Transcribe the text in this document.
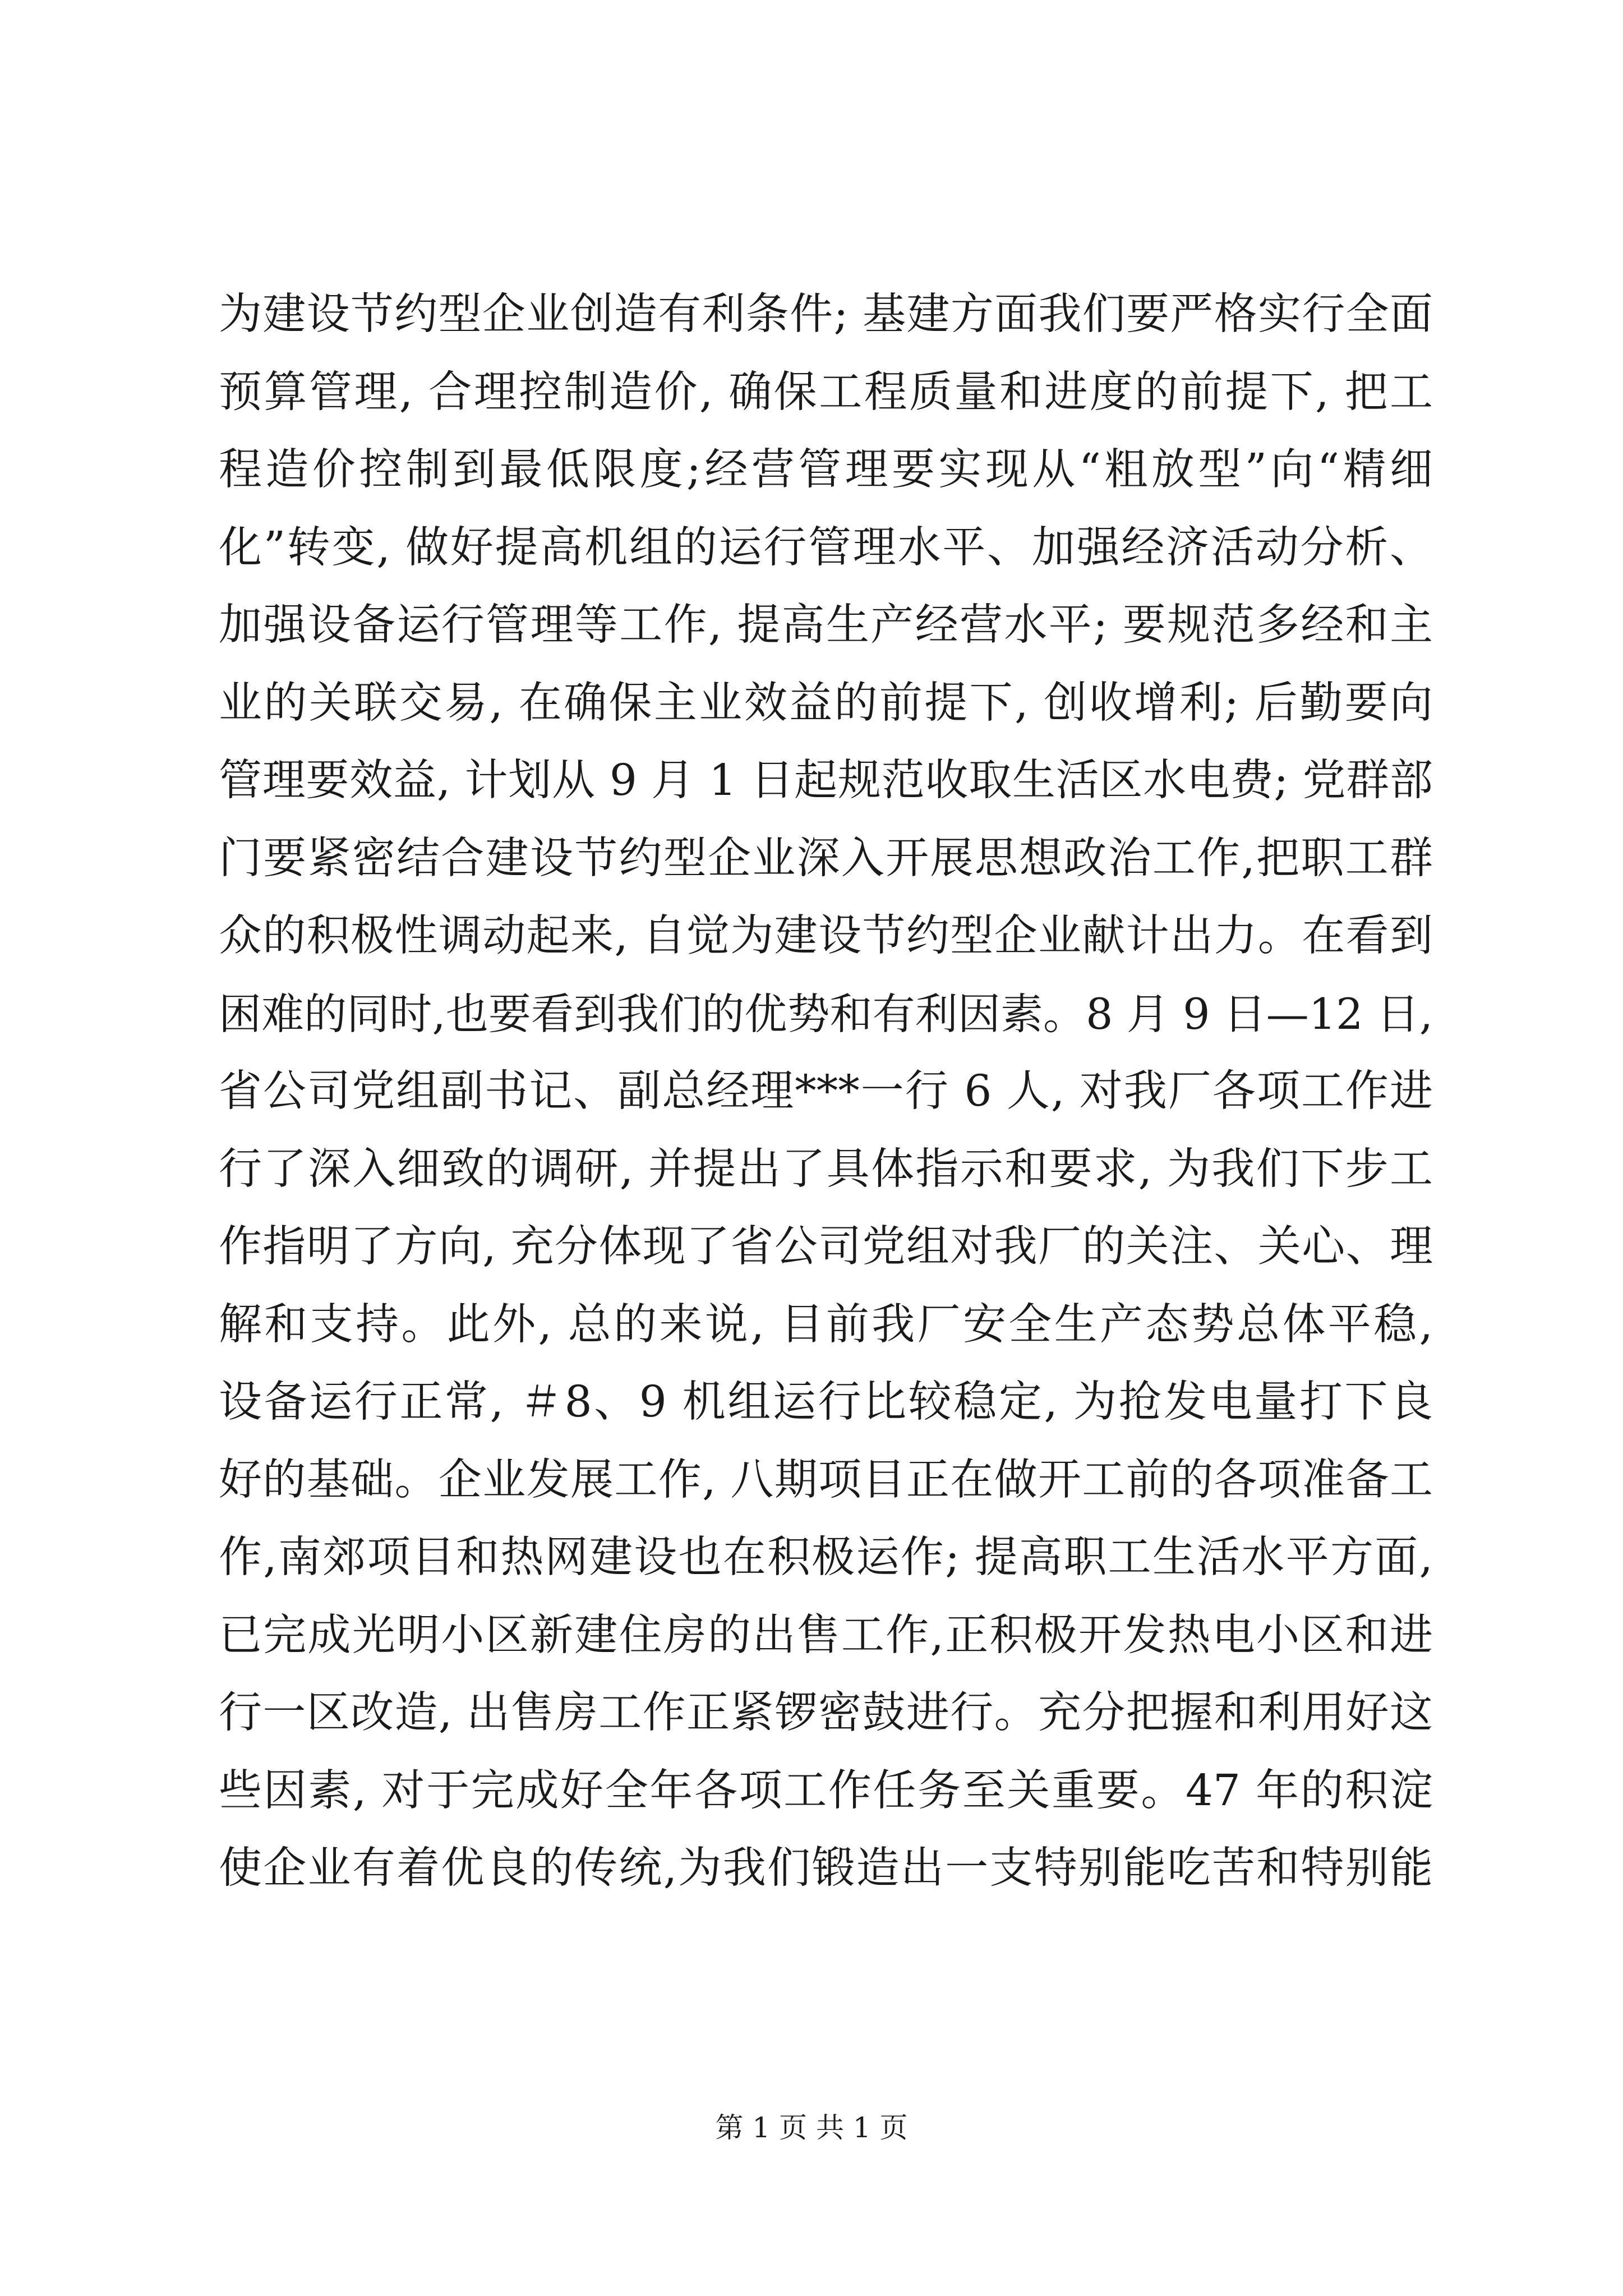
为建设节约型企业创造有利条件; 基建方面我们要严格实行全面
预算管理, 合理控制造价, 确保工程质量和进度的前提下, 把工
程造价控制到最低限度;经营管理要实现从“粗放型”向“精细
化”转变, 做好提高机组的运行管理水平、加强经济活动分析、
加强设备运行管理等工作, 提高生产经营水平; 要规范多经和主
业的关联交易, 在确保主业效益的前提下, 创收增利; 后勤要向
管理要效益, 计划从 9 月 1 日起规范收取生活区水电费; 党群部
门要紧密结合建设节约型企业深入开展思想政治工作,把职工群
众的积极性调动起来, 自觉为建设节约型企业献计出力。在看到
困难的同时,也要看到我们的优势和有利因素。8 月 9 日—12 日,
省公司党组副书记、副总经理***一行 6 人, 对我厂各项工作进
行了深入细致的调研, 并提出了具体指示和要求, 为我们下步工
作指明了方向, 充分体现了省公司党组对我厂的关注、关心、理
解和支持。此外, 总的来说, 目前我厂安全生产态势总体平稳,
设备运行正常, ＃8、9 机组运行比较稳定, 为抢发电量打下良
好的基础。企业发展工作, 八期项目正在做开工前的各项准备工
作,南郊项目和热网建设也在积极运作; 提高职工生活水平方面,
已完成光明小区新建住房的出售工作,正积极开发热电小区和进
行一区改造, 出售房工作正紧锣密鼓进行。充分把握和利用好这
些因素, 对于完成好全年各项工作任务至关重要。47 年的积淀
使企业有着优良的传统,为我们锻造出一支特别能吃苦和特别能
第 1 页 共 1 页
